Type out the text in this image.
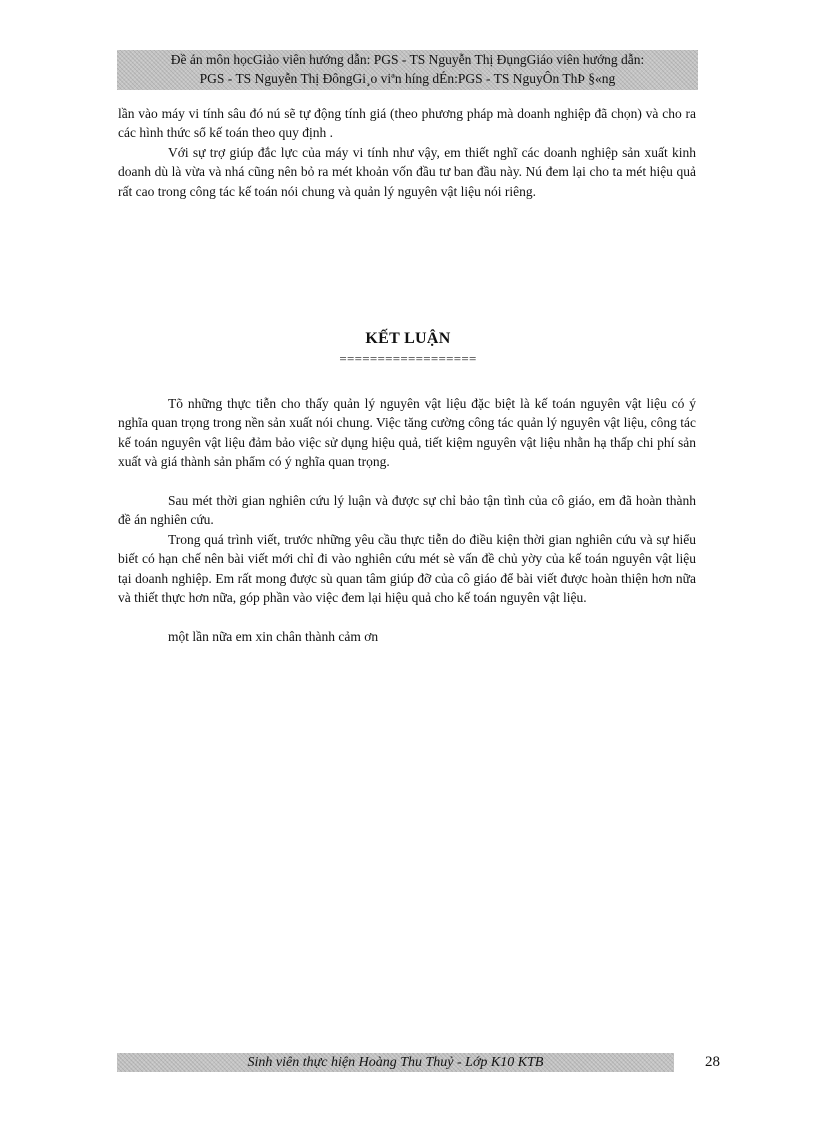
Đề án môn họcGiảo viên hướng dẫn: PGS - TS Nguyễn Thị ĐụngGiáo viên hướng dẫn:
PGS - TS Nguyễn Thị ĐôngGi¸o viªn híng dÉn:PGS - TS NguyÔn ThÞ §«ng

lần vào máy vi tính sâu đó nú sẽ tự động tính giá (theo phương pháp mà doanh nghiệp đã chọn) và cho ra các hình thức sổ kế toán theo quy định .

Với sự trợ giúp đắc lực của máy vi tính như vậy, em thiết nghĩ các doanh nghiệp sản xuất kinh doanh dù là vừa và nhá cũng nên bỏ ra mét khoản vốn đầu tư ban đầu này. Nú đem lại cho ta mét hiệu quả rất cao trong công tác kế toán nói chung và quản lý nguyên vật liệu nói riêng.

KẾT LUẬN
==================

Tõ những thực tiễn cho thấy quản lý nguyên vật liệu đặc biệt là kế toán nguyên vật liệu có ý nghĩa quan trọng trong nền sản xuất nói chung. Việc tăng cường công tác quản lý nguyên vật liệu, công tác kế toán nguyên vật liệu đảm bảo việc sử dụng hiệu quả, tiết kiệm nguyên vật liệu nhằn hạ thấp chi phí sản xuất và giá thành sản phẩm có ý nghĩa quan trọng.

Sau mét thời gian nghiên cứu lý luận và được sự chỉ bảo tận tình của cô giáo, em đã hoàn thành đề án nghiên cứu.

Trong quá trình viết, trước những yêu cầu thực tiễn do điều kiện thời gian nghiên cứu và sự hiểu biết có hạn chế nên bài viết mới chỉ đi vào nghiên cứu mét sè vấn đề chủ yờy của kế toán nguyên vật liệu tại doanh nghiệp. Em rất mong được sù quan tâm giúp đỡ của cô giáo để bài viết được hoàn thiện hơn nữa và thiết thực hơn nữa, góp phần vào việc đem lại hiệu quả cho kế toán nguyên vật liệu.

một lần nữa em xin chân thành cảm ơn

Sinh viên thực hiện Hoàng Thu Thuỷ - Lớp K10 KTB	28
